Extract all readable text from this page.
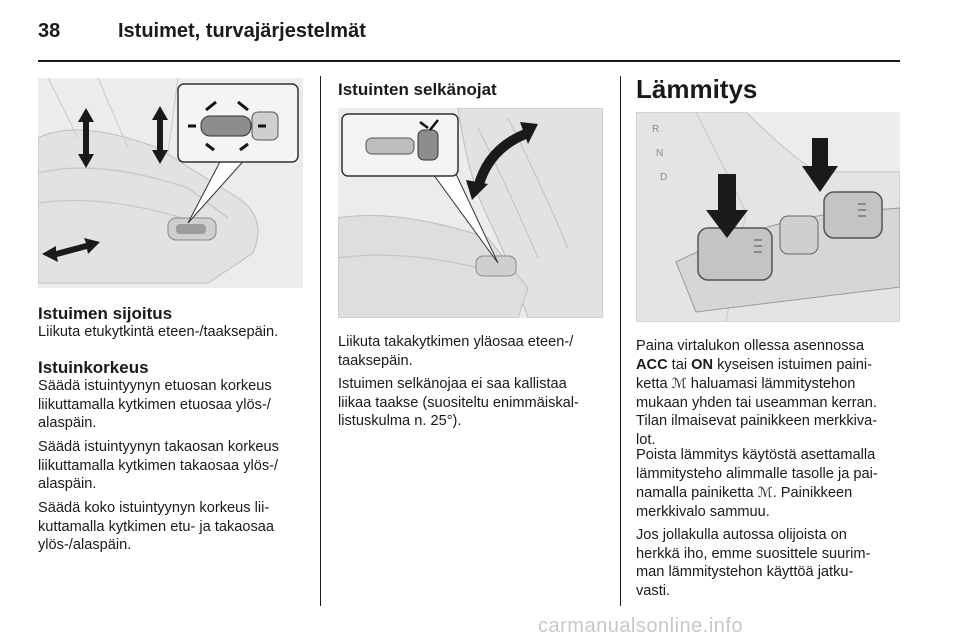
38	Istuimet, turvajärjestelmät
Istuimen sijoitus
Liikuta etukytkintä eteen-/taaksepäin.
Istuinkorkeus
Säädä istuintyynyn etuosan korkeus
liikuttamalla kytkimen etuosaa ylös-/
alaspäin.
Säädä istuintyynyn takaosan korkeus
liikuttamalla kytkimen takaosaa ylös-/
alaspäin.
Säädä koko istuintyynyn korkeus lii-
kuttamalla kytkimen etu- ja takaosaa
ylös-/alaspäin.
Istuinten selkänojat
Liikuta takakytkimen yläosaa eteen-/
taaksepäin.
Istuimen selkänojaa ei saa kallistaa
liikaa taakse (suositeltu enimmäiskal-
listuskulma n. 25°).
Lämmitys
R
N
D
Paina virtalukon ollessa asennossa
ACC tai ON kyseisen istuimen paini-
ketta ℳ haluamasi lämmitystehon
mukaan yhden tai useamman kerran.
Tilan ilmaisevat painikkeen merkkiva-
lot.
Poista lämmitys käytöstä asettamalla
lämmitysteho alimmalle tasolle ja pai-
namalla painiketta ℳ. Painikkeen
merkkivalo sammuu.
Jos jollakulla autossa olijoista on
herkkä iho, emme suosittele suurim-
man lämmitystehon käyttöä jatku-
vasti.
carmanualsonline.info
